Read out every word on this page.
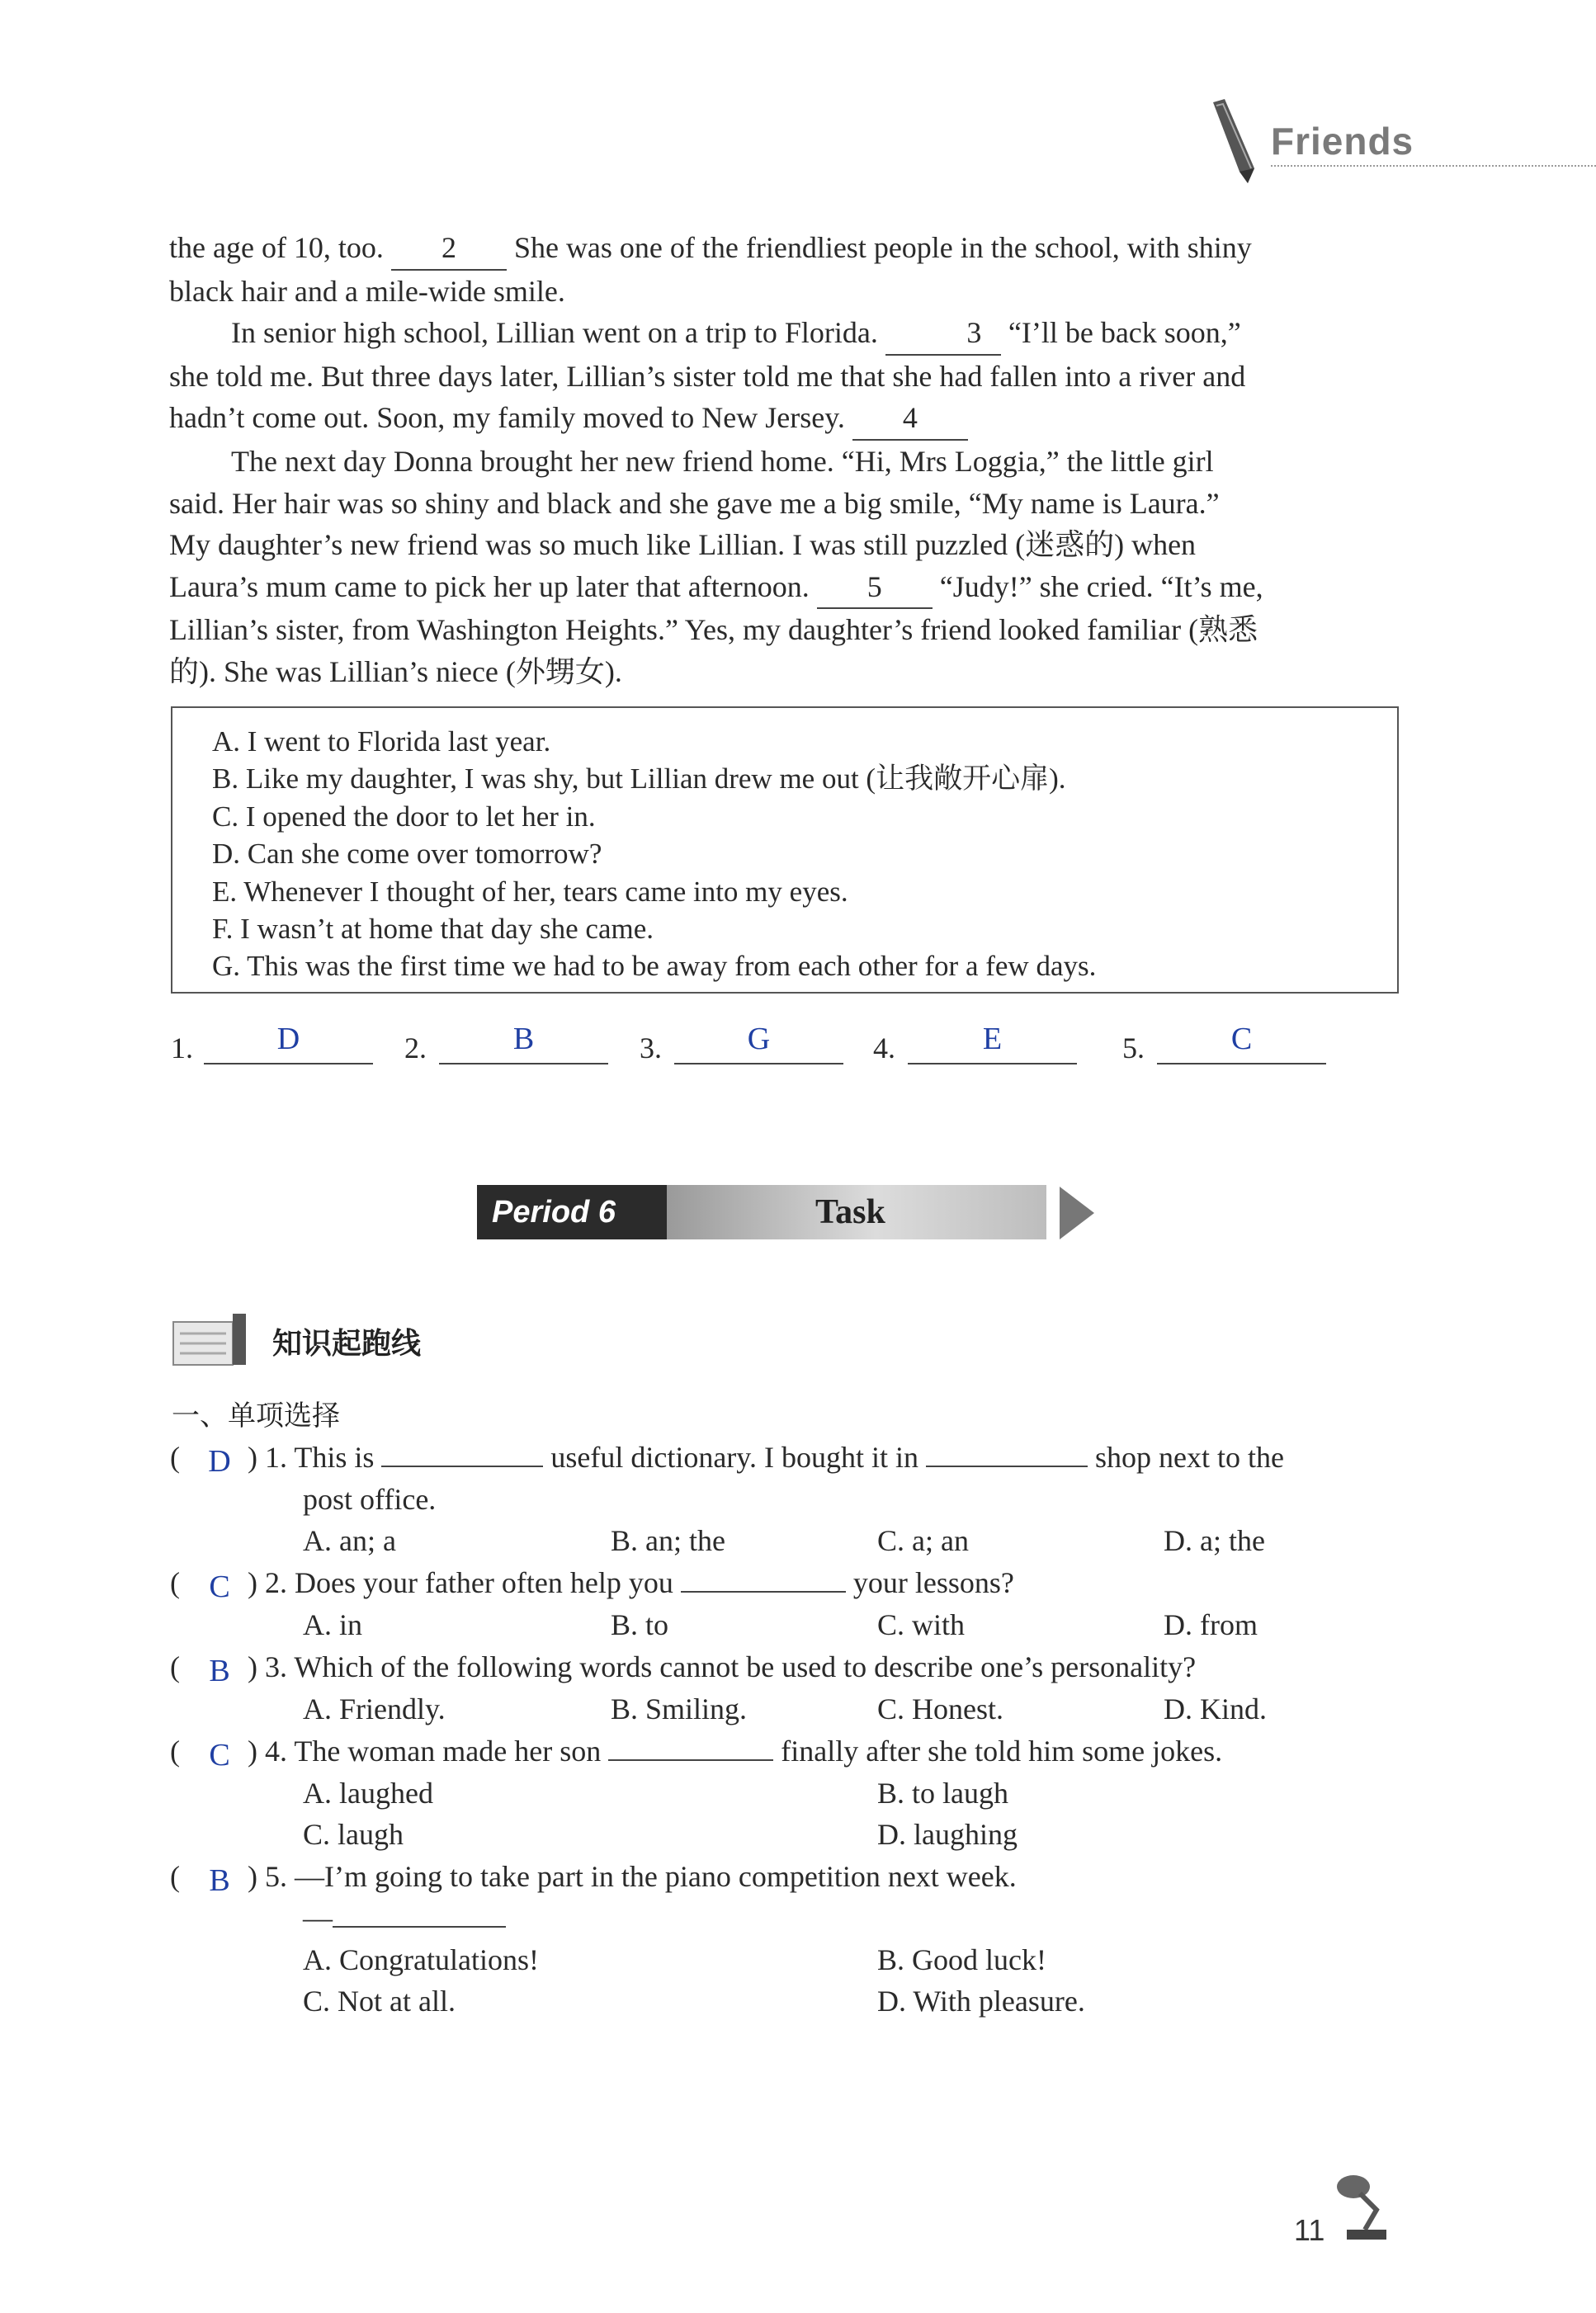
Friends

the age of 10, too. 2 She was one of the friendliest people in the school, with shiny

black hair and a mile-wide smile.

In senior high school, Lillian went on a trip to Florida.	3 “I’ll be back soon,”

she told me. But three days later, Lillian’s sister told me that she had fallen into a river and

hadn’t come out. Soon, my family moved to New Jersey. 4

The next day Donna brought her new friend home. “Hi, Mrs Loggia,” the little girl

said. Her hair was so shiny and black and she gave me a big smile, “My name is Laura.”

My daughter’s new friend was so much like Lillian. I was still puzzled (迷惑的) when

Laura’s mum came to pick her up later that afternoon. 5 “Judy!” she cried. “It’s me,

Lillian’s sister, from Washington Heights.” Yes, my daughter’s friend looked familiar (熟悉

的). She was Lillian’s niece (外甥女).

A. I went to Florida last year.

B. Like my daughter, I was shy, but Lillian drew me out (让我敞开心扉).

C. I opened the door to let her in.

D. Can she come over tomorrow?

E. Whenever I thought of her, tears came into my eyes.

F. I wasn’t at home that day she came.

G. This was the first time we had to be away from each other for a few days.

1.	D	2.	B	3.	G	4.	E	5.	C
Period 6	Task
知识起跑线
一、单项选择
( D ) 1. This is	useful dictionary. I bought it in	shop next to the
post office.
A. an; a	B. an; the	C. a; an	D. a; the
( C ) 2. Does your father often help you	your lessons?
A. in	B. to	C. with	D. from
( B ) 3. Which of the following words cannot be used to describe one’s personality?
A. Friendly.	B. Smiling.	C. Honest.	D. Kind.
( C ) 4. The woman made her son	finally after she told him some jokes.
A. laughed	B. to laugh
C. laugh	D. laughing
( B ) 5. —I’m going to take part in the piano competition next week.
—
A. Congratulations!	B. Good luck!
C. Not at all.	D. With pleasure.
11
